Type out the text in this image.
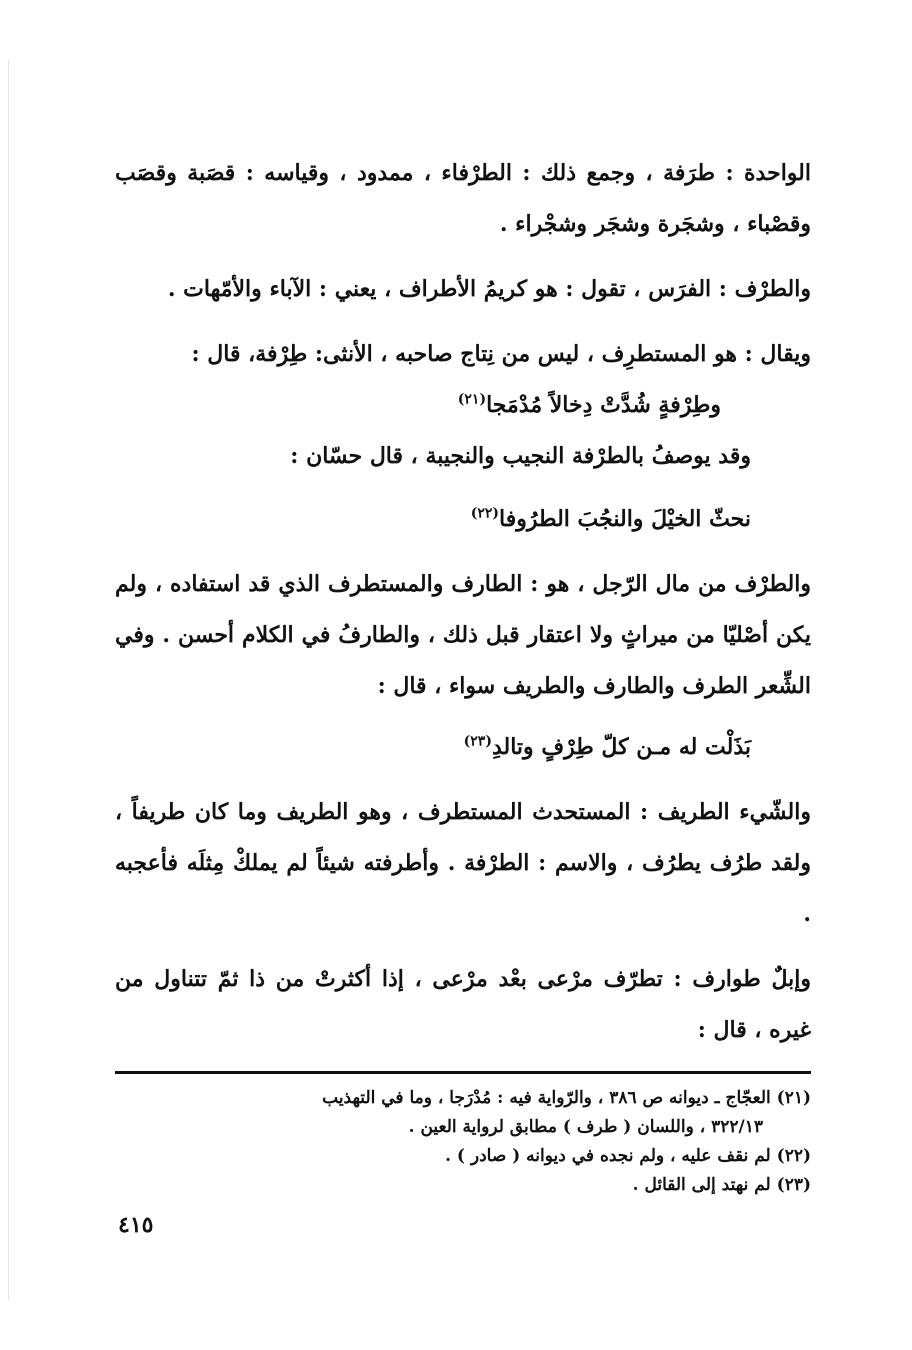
الواحدة : طرَفة ، وجمع ذلك : الطرْفاء ، ممدود ، وقياسه : قصَبة وقصَب وقصْباء ، وشجَرة وشجَر وشجْراء .

والطرْف : الفرَس ، تقول : هو كريمُ الأطراف ، يعني : الآباء والأمّهات .

ويقال : هو المستطرِف ، ليس من نِتاج صاحبه ، الأنثى: طِرْفة، قال :

وطِرْفةٍ شُدَّتْ دِخالاً مُدْمَجا$^{(٢١)}$

وقد يوصفُ بالطرْفة النجيب والنجيبة ، قال حسّان :

نحثّ الخيْلَ والنجُبَ الطرُوفا$^{(٢٢)}$

والطرْف من مال الرّجل ، هو : الطارف والمستطرف الذي قد استفاده ، ولم يكن أصْليّا من ميراثٍ ولا اعتقار قبل ذلك ، والطارفُ في الكلام أحسن . وفي الشِّعر الطرف والطارف والطريف سواء ، قال :

بَذَلْت له مـن كلّ طِرْفٍ وتالدِ$^{(٢٣)}$

والشّيء الطريف : المستحدث المستطرف ، وهو الطريف وما كان طريفاً ، ولقد طرُف يطرُف ، والاسم : الطرْفة . وأطرفته شيئاً لم يملكْ مِثلَه فأعجبه .

وإبلٌ طوارف : تطرّف مرْعى بعْد مرْعى ، إذا أكثرتْ من ذا ثمّ تتناول من غيره ، قال :

(٢١) العجّاج ـ ديوانه ص ٣٨٦ ، والرّواية فيه : مُدْرَجا ، وما في التهذيب
٣٢٢/١٣ ، واللسان ( طرف ) مطابق لرواية العين .

(٢٢) لم نقف عليه ، ولم نجده في ديوانه ( صادر ) .

(٢٣) لم نهتد إلى القائل .

٤١٥
